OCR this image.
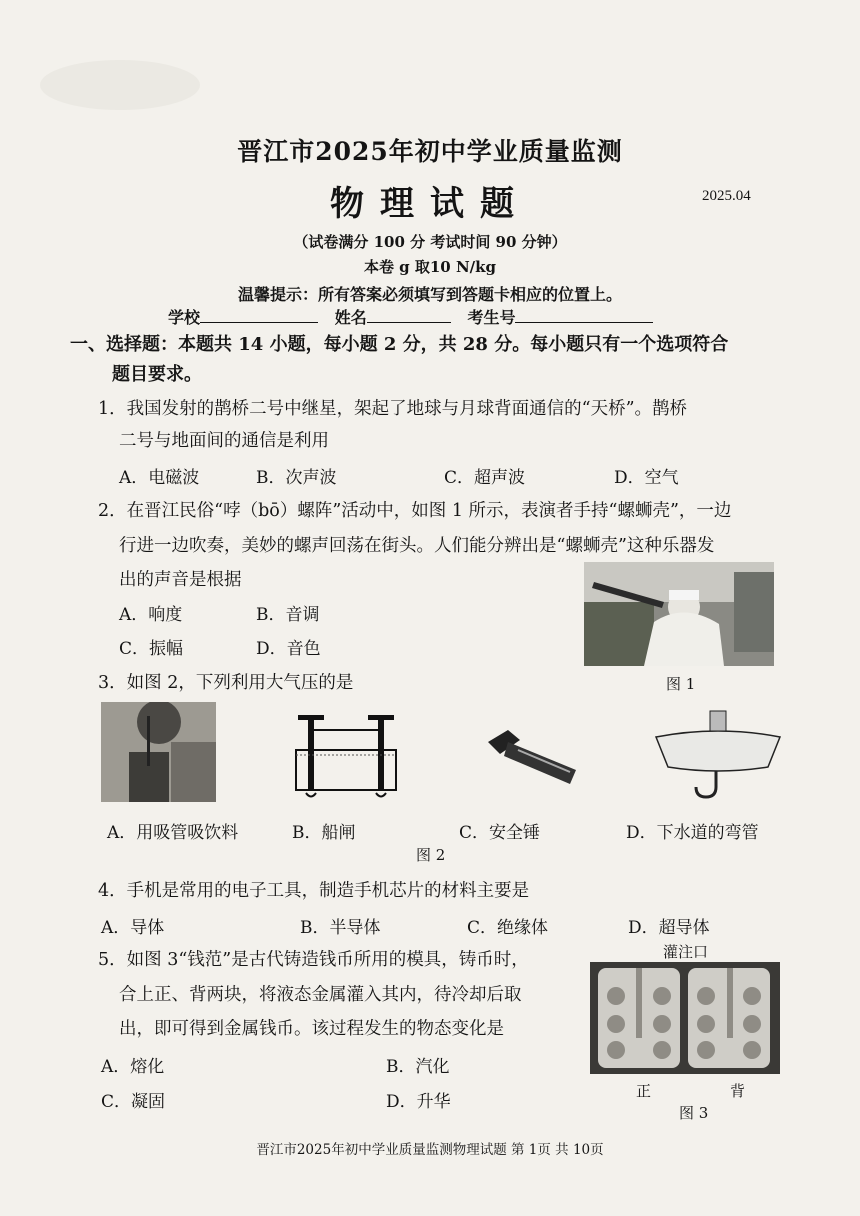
晋江市2025年初中学业质量监测
物理试题	2025.04
（试卷满分 100 分 考试时间 90 分钟）
本卷 g 取10 N/kg
温馨提示：所有答案必须填写到答题卡相应的位置上。
学校	姓名	考生号
一、选择题：本题共 14 小题，每小题 2 分，共 28 分。每小题只有一个选项符合
题目要求。
1．我国发射的鹊桥二号中继星，架起了地球与月球背面通信的“天桥”。鹊桥
二号与地面间的通信是利用
A．电磁波	B．次声波	C．超声波	D．空气
2．在晋江民俗“哱（bō）螺阵”活动中，如图 1 所示，表演者手持“螺蛳壳”，一边
行进一边吹奏，美妙的螺声回荡在街头。人们能分辨出是“螺蛳壳”这种乐器发
出的声音是根据
A．响度	B．音调
C．振幅	D．音色
图 1
3．如图 2，下列利用大气压的是
A．用吸管吸饮料	B．船闸	C．安全锤	D．下水道的弯管
图 2
4．手机是常用的电子工具，制造手机芯片的材料主要是
A．导体	B．半导体	C．绝缘体	D．超导体
5．如图 3“钱范”是古代铸造钱币所用的模具，铸币时，
合上正、背两块，将液态金属灌入其内，待冷却后取
出，即可得到金属钱币。该过程发生的物态变化是
A．熔化	B．汽化
C．凝固	D．升华
灌注口
正	背
图 3
晋江市2025年初中学业质量监测物理试题 第 1页 共 10页
